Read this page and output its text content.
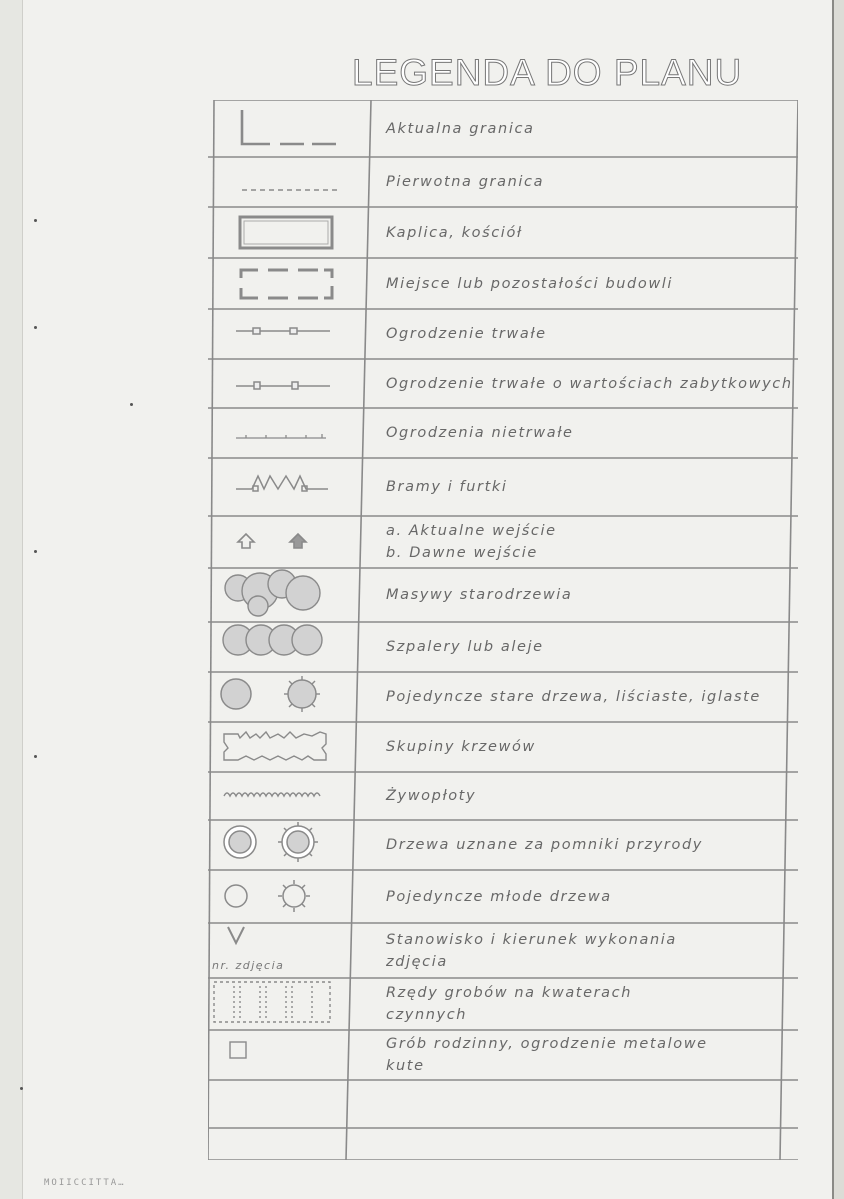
LEGENDA DO PLANU
Aktualna granica
Pierwotna granica
Kaplica, kościół
Miejsce lub pozostałości budowli
Ogrodzenie trwałe
Ogrodzenie trwałe o wartościach zabytkowych
Ogrodzenia nietrwałe
Bramy i furtki
a. Aktualne wejście
b. Dawne wejście
Masywy starodrzewia
Szpalery lub aleje
Pojedyncze stare drzewa, liściaste, iglaste
Skupiny krzewów
Żywopłoty
Drzewa uznane za pomniki przyrody
Pojedyncze młode drzewa
nr. zdjęcia
Stanowisko i kierunek wykonania
zdjęcia
Rzędy grobów na kwaterach
czynnych
Grób rodzinny, ogrodzenie metalowe
kute
MOIICCITTA…
